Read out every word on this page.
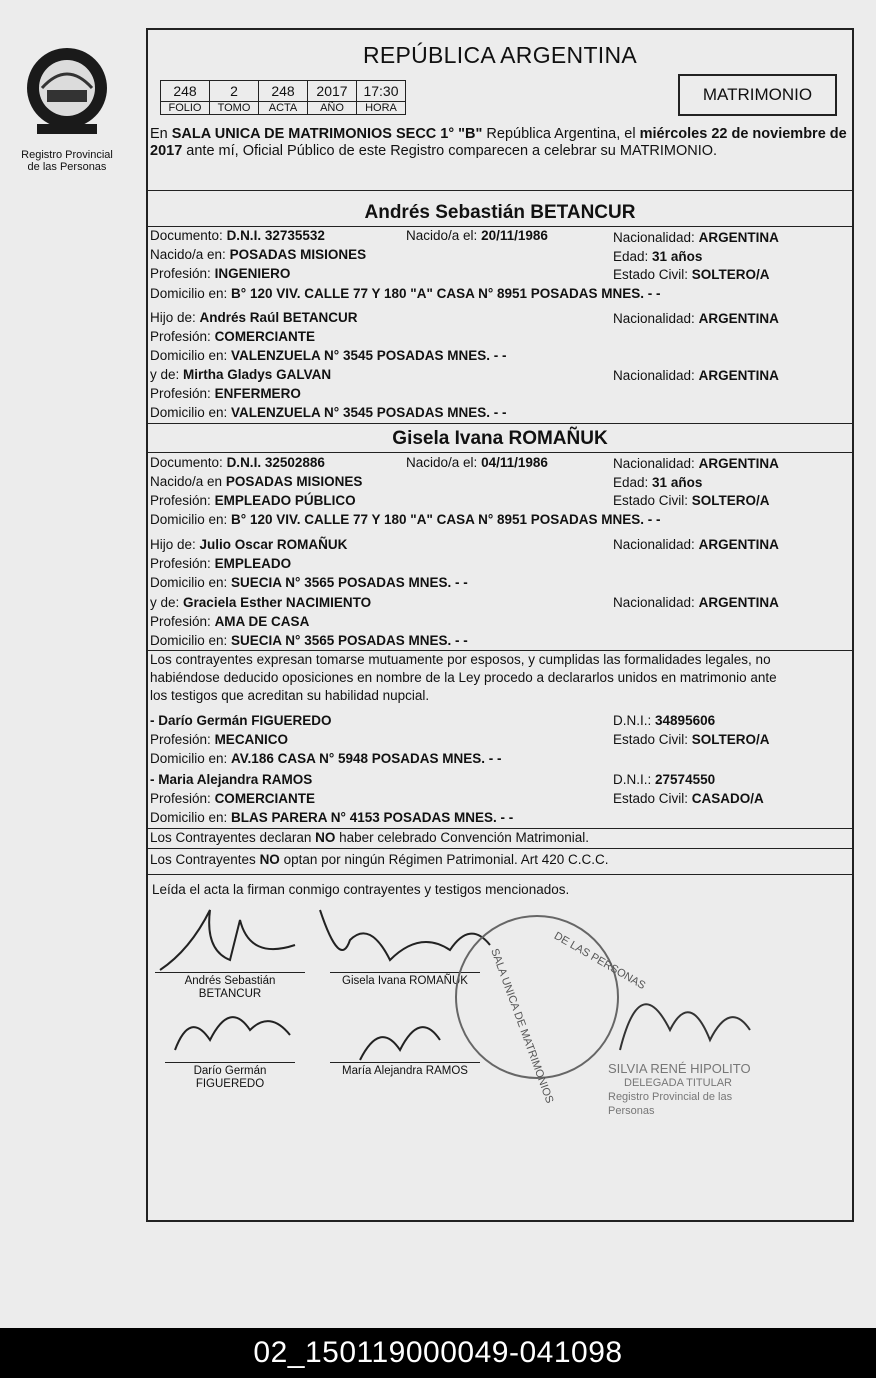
Registro Provincial
de las Personas
REPÚBLICA ARGENTINA
248	2	248	2017	17:30
FOLIO	TOMO	ACTA	AÑO	HORA
MATRIMONIO
En SALA UNICA DE MATRIMONIOS SECC 1° "B" República Argentina, el miércoles 22 de noviembre de 2017 ante mí, Oficial Público de este Registro comparecen a celebrar su MATRIMONIO.
Andrés Sebastián BETANCUR
Documento: D.N.I. 32735532	Nacido/a el: 20/11/1986	Nacionalidad: ARGENTINA
Nacido/a en: POSADAS MISIONES	Edad: 31 años
Profesión: INGENIERO	Estado Civil: SOLTERO/A
Domicilio en: B° 120 VIV. CALLE 77 Y 180 "A" CASA N° 8951 POSADAS MNES. - -
Hijo de: Andrés Raúl BETANCUR	Nacionalidad: ARGENTINA
Profesión: COMERCIANTE
Domicilio en: VALENZUELA N° 3545 POSADAS MNES. - -
y de: Mirtha Gladys GALVAN	Nacionalidad: ARGENTINA
Profesión: ENFERMERO
Domicilio en: VALENZUELA N° 3545 POSADAS MNES. - -
Gisela Ivana ROMAÑUK
Documento: D.N.I. 32502886	Nacido/a el: 04/11/1986	Nacionalidad: ARGENTINA
Nacido/a en POSADAS MISIONES	Edad: 31 años
Profesión: EMPLEADO PÚBLICO	Estado Civil: SOLTERO/A
Domicilio en: B° 120 VIV. CALLE 77 Y 180 "A" CASA N° 8951 POSADAS MNES. - -
Hijo de: Julio Oscar ROMAÑUK	Nacionalidad: ARGENTINA
Profesión: EMPLEADO
Domicilio en: SUECIA N° 3565 POSADAS MNES. - -
y de: Graciela Esther NACIMIENTO	Nacionalidad: ARGENTINA
Profesión: AMA DE CASA
Domicilio en: SUECIA N° 3565 POSADAS MNES. - -
Los contrayentes expresan tomarse mutuamente por esposos, y cumplidas las formalidades legales, no
habiéndose deducido oposiciones en nombre de la Ley procedo a declararlos unidos en matrimonio ante
los testigos que acreditan su habilidad nupcial.
- Darío Germán FIGUEREDO	D.N.I.: 34895606
Profesión: MECANICO	Estado Civil: SOLTERO/A
Domicilio en: AV.186 CASA N° 5948 POSADAS MNES. - -
- Maria Alejandra RAMOS	D.N.I.: 27574550
Profesión: COMERCIANTE	Estado Civil: CASADO/A
Domicilio en: BLAS PARERA N° 4153 POSADAS MNES. - -
Los Contrayentes declaran NO haber celebrado Convención Matrimonial.
Los Contrayentes NO optan por ningún Régimen Patrimonial. Art 420 C.C.C.
Leída el acta la firman conmigo contrayentes y testigos mencionados.
Andrés Sebastián
BETANCUR
Gisela Ivana ROMAÑUK
Darío Germán
FIGUEREDO
María Alejandra RAMOS
DE LAS PERSONAS
SALA UNICA DE MATRIMONIOS	SILVIA RENÉ HIPOLITO
DELEGADA TITULAR
Registro Provincial de las Personas
02_150119000049-041098
